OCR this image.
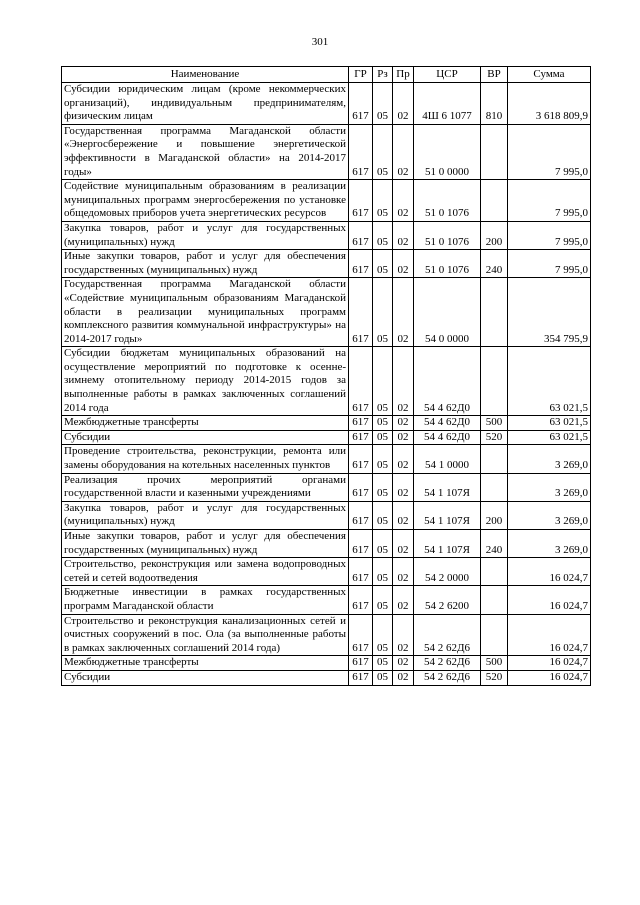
301
Наименование	ГР	Рз	Пр	ЦСР	ВР	Сумма
Субсидии юридическим лицам (кроме некоммерческих организаций), индивидуальным предпринимателям, физическим лицам	617	05	02	4Ш 6 1077	810	3 618 809,9
Государственная программа Магаданской области «Энергосбережение и повышение энергетической эффективности в Магаданской области» на 2014-2017 годы»	617	05	02	51 0 0000		7 995,0
Содействие муниципальным образованиям в реализации муниципальных программ энергосбережения по установке общедомовых приборов учета энергетических ресурсов	617	05	02	51 0 1076		7 995,0
Закупка товаров, работ и услуг для государственных (муниципальных) нужд	617	05	02	51 0 1076	200	7 995,0
Иные закупки товаров, работ и услуг для обеспечения государственных (муниципальных) нужд	617	05	02	51 0 1076	240	7 995,0
Государственная программа Магаданской области «Содействие муниципальным образованиям Магаданской области в реализации муниципальных программ комплексного развития коммунальной инфраструктуры» на 2014-2017 годы»	617	05	02	54 0 0000		354 795,9
Субсидии бюджетам муниципальных образований на осуществление мероприятий по подготовке к осенне-зимнему отопительному периоду 2014-2015 годов за выполненные работы в рамках заключенных соглашений 2014 года	617	05	02	54 4 62Д0		63 021,5
Межбюджетные трансферты	617	05	02	54 4 62Д0	500	63 021,5
Субсидии	617	05	02	54 4 62Д0	520	63 021,5
Проведение строительства, реконструкции, ремонта или замены оборудования на котельных населенных пунктов	617	05	02	54 1 0000		3 269,0
Реализация прочих мероприятий органами государственной власти и казенными учреждениями	617	05	02	54 1 107Я		3 269,0
Закупка товаров, работ и услуг для государственных (муниципальных) нужд	617	05	02	54 1 107Я	200	3 269,0
Иные закупки товаров, работ и услуг для обеспечения государственных (муниципальных) нужд	617	05	02	54 1 107Я	240	3 269,0
Строительство, реконструкция или замена водопроводных сетей и сетей водоотведения	617	05	02	54 2 0000		16 024,7
Бюджетные инвестиции в рамках государственных программ Магаданской области	617	05	02	54 2 6200		16 024,7
Строительство и реконструкция канализационных сетей и очистных сооружений в пос. Ола (за выполненные работы в рамках заключенных соглашений 2014 года)	617	05	02	54 2 62Д6		16 024,7
Межбюджетные трансферты	617	05	02	54 2 62Д6	500	16 024,7
Субсидии	617	05	02	54 2 62Д6	520	16 024,7
